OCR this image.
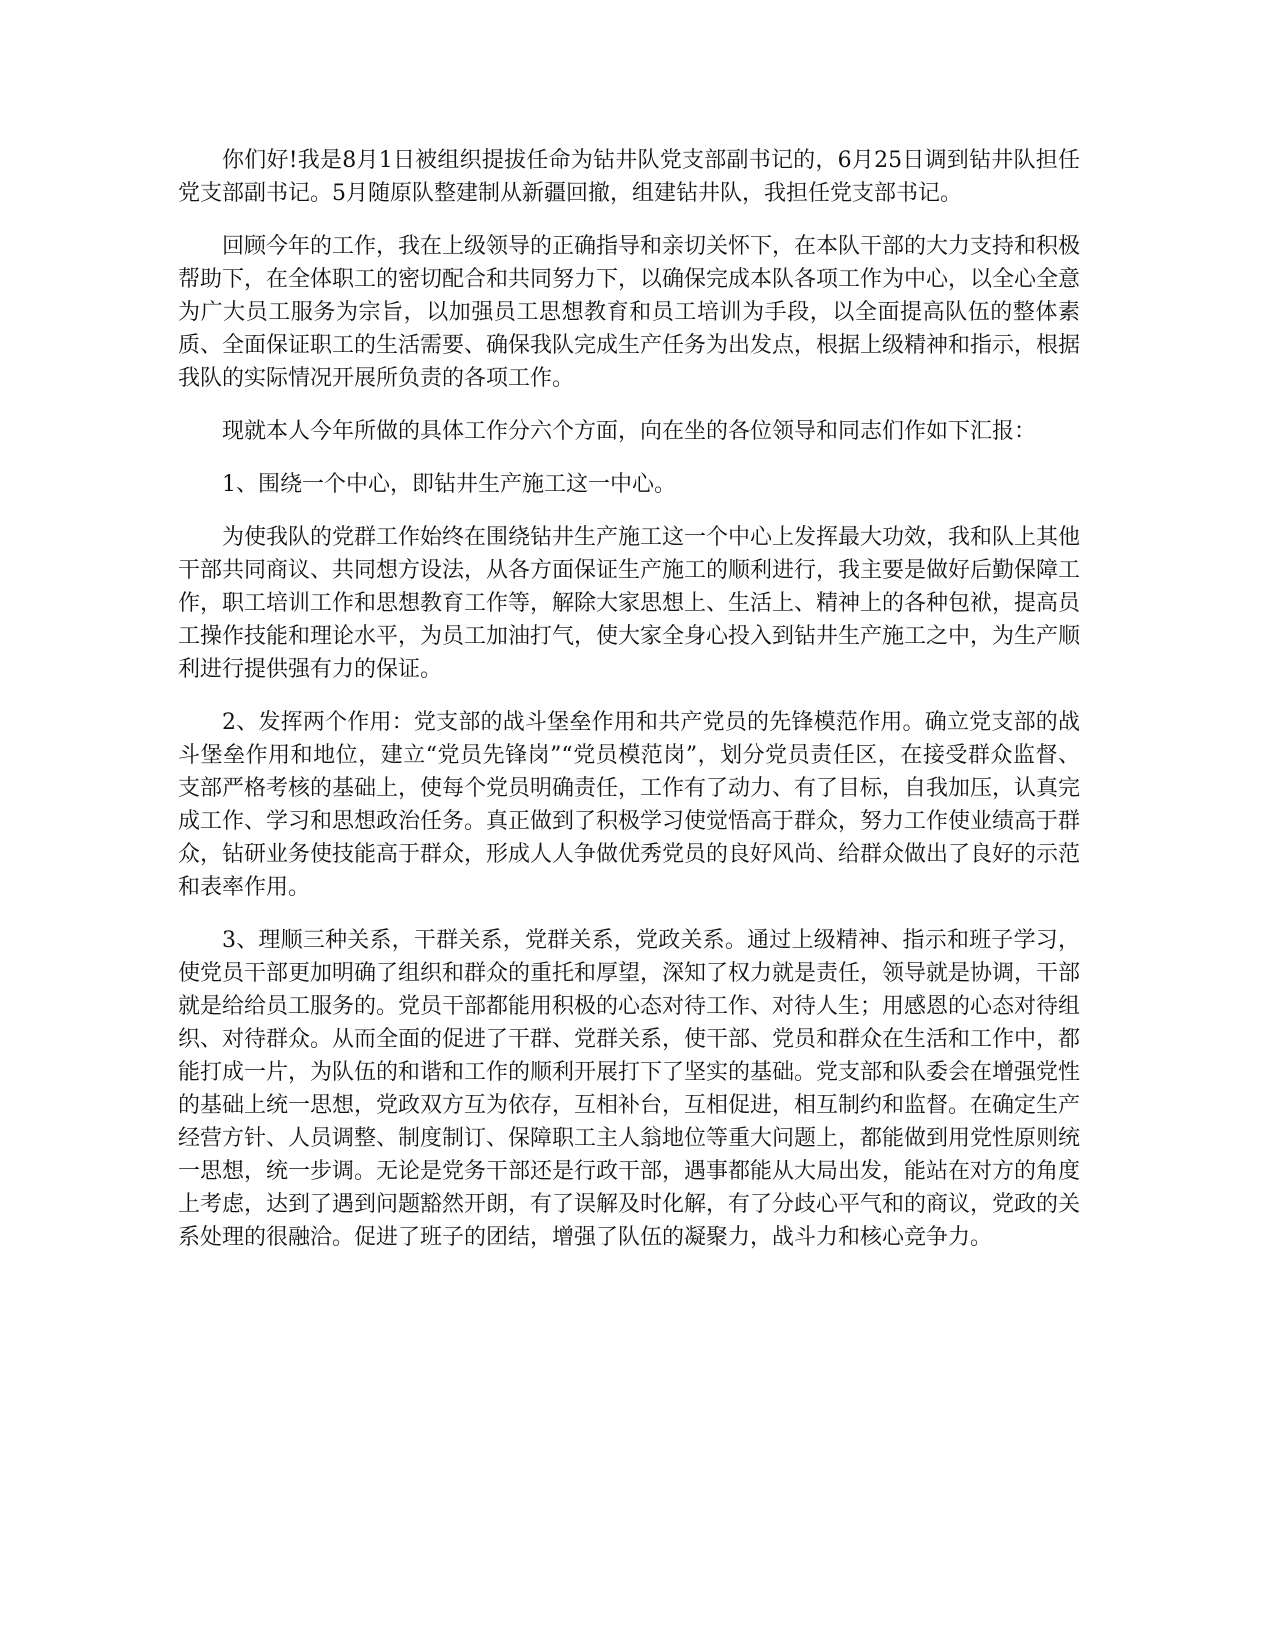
你们好!我是8月1日被组织提拔任命为钻井队党支部副书记的，6月25日调到钻井队担任党支部副书记。5月随原队整建制从新疆回撤，组建钻井队，我担任党支部书记。

回顾今年的工作，我在上级领导的正确指导和亲切关怀下，在本队干部的大力支持和积极帮助下，在全体职工的密切配合和共同努力下，以确保完成本队各项工作为中心，以全心全意为广大员工服务为宗旨，以加强员工思想教育和员工培训为手段，以全面提高队伍的整体素质、全面保证职工的生活需要、确保我队完成生产任务为出发点，根据上级精神和指示，根据我队的实际情况开展所负责的各项工作。

现就本人今年所做的具体工作分六个方面，向在坐的各位领导和同志们作如下汇报：

1、围绕一个中心，即钻井生产施工这一中心。

为使我队的党群工作始终在围绕钻井生产施工这一个中心上发挥最大功效，我和队上其他干部共同商议、共同想方设法，从各方面保证生产施工的顺利进行，我主要是做好后勤保障工作，职工培训工作和思想教育工作等，解除大家思想上、生活上、精神上的各种包袱，提高员工操作技能和理论水平，为员工加油打气，使大家全身心投入到钻井生产施工之中，为生产顺利进行提供强有力的保证。

2、发挥两个作用：党支部的战斗堡垒作用和共产党员的先锋模范作用。确立党支部的战斗堡垒作用和地位，建立“党员先锋岗”“党员模范岗”，划分党员责任区，在接受群众监督、支部严格考核的基础上，使每个党员明确责任，工作有了动力、有了目标，自我加压，认真完成工作、学习和思想政治任务。真正做到了积极学习使觉悟高于群众，努力工作使业绩高于群众，钻研业务使技能高于群众，形成人人争做优秀党员的良好风尚、给群众做出了良好的示范和表率作用。

3、理顺三种关系，干群关系，党群关系，党政关系。通过上级精神、指示和班子学习，使党员干部更加明确了组织和群众的重托和厚望，深知了权力就是责任，领导就是协调，干部就是给给员工服务的。党员干部都能用积极的心态对待工作、对待人生；用感恩的心态对待组织、对待群众。从而全面的促进了干群、党群关系，使干部、党员和群众在生活和工作中，都能打成一片，为队伍的和谐和工作的顺利开展打下了坚实的基础。党支部和队委会在增强党性的基础上统一思想，党政双方互为依存，互相补台，互相促进，相互制约和监督。在确定生产经营方针、人员调整、制度制订、保障职工主人翁地位等重大问题上，都能做到用党性原则统一思想，统一步调。无论是党务干部还是行政干部，遇事都能从大局出发，能站在对方的角度上考虑，达到了遇到问题豁然开朗，有了误解及时化解，有了分歧心平气和的商议，党政的关系处理的很融洽。促进了班子的团结，增强了队伍的凝聚力，战斗力和核心竞争力。
